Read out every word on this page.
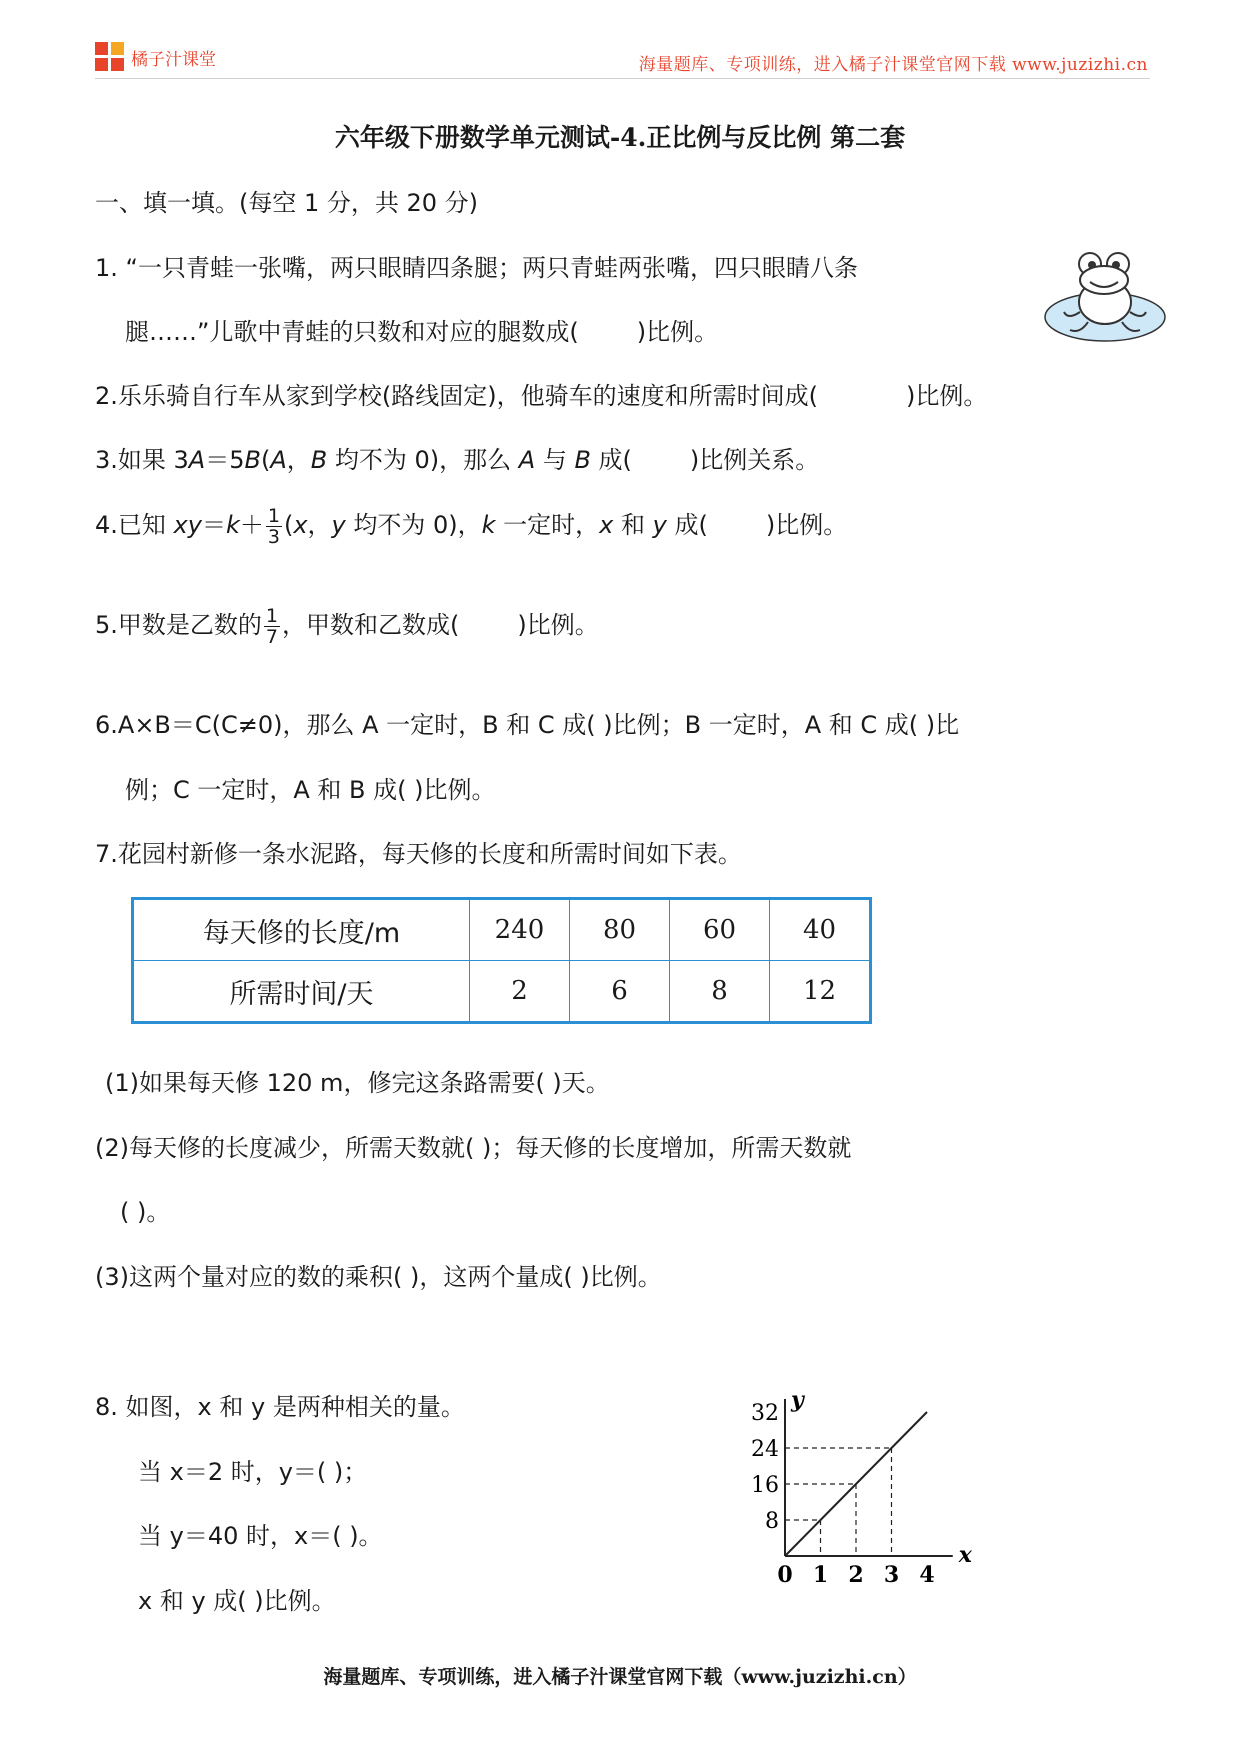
橘子汁课堂	海量题库、专项训练，进入橘子汁课堂官网下载 www.juzizhi.cn
六年级下册数学单元测试-4.正比例与反比例 第二套
一、填一填。(每空 1 分，共 20 分)
1. “一只青蛙一张嘴，两只眼睛四条腿；两只青蛙两张嘴，四只眼睛八条
腿……”儿歌中青蛙的只数和对应的腿数成( )比例。
2.乐乐骑自行车从家到学校(路线固定)，他骑车的速度和所需时间成(	)比例。
3.如果 3A＝5B(A，B 均不为 0)，那么 A 与 B 成( )比例关系。
4.已知 $xy=k+ \frac{1}{3} (x$，y 均不为 0)，k 一定时，x 和 y 成( )比例。
5.甲数是乙数的 $\frac{1}{7}$ ，甲数和乙数成( )比例。
6.A×B＝C(C≠0)，那么 A 一定时，B 和 C 成( )比例；B 一定时，A 和 C 成( )比
例；C 一定时，A 和 B 成( )比例。
7.花园村新修一条水泥路，每天修的长度和所需时间如下表。
每天修的长度/m	240	80	60	40
所需时间/天	2	6	8	12
(1)如果每天修 120 m，修完这条路需要( )天。
(2)每天修的长度减少，所需天数就( )；每天修的长度增加，所需天数就
( )。
(3)这两个量对应的数的乘积( )，这两个量成( )比例。
8. 如图，x 和 y 是两种相关的量。
当 x＝2 时，y＝( )；
当 y＝40 时，x＝( )。
x 和 y 成( )比例。
0 1 2 3 4
8
16
24
32
x
y
海量题库、专项训练，进入橘子汁课堂官网下载（www.juzizhi.cn）
